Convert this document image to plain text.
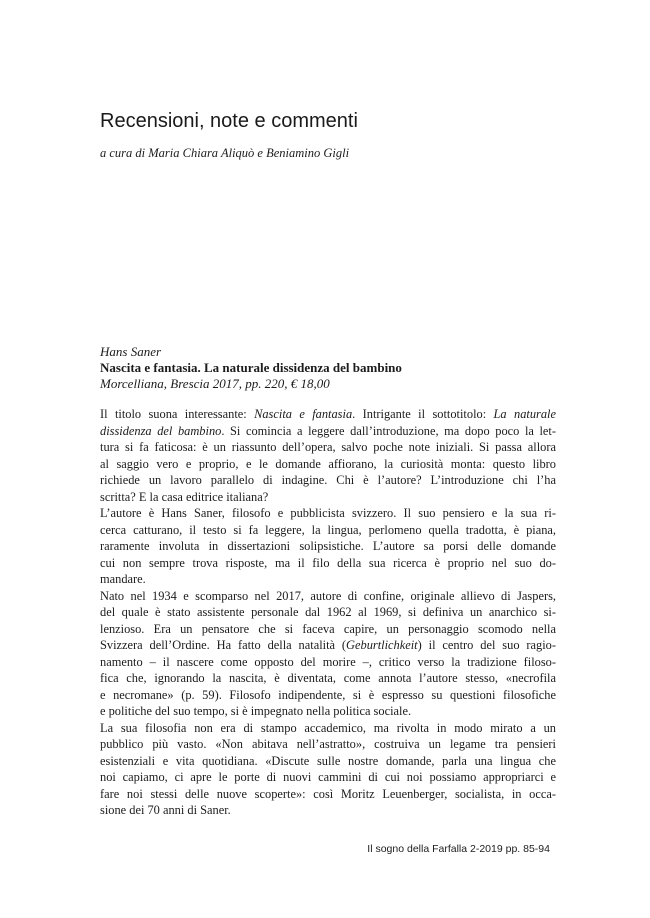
Recensioni, note e commenti
a cura di Maria Chiara Aliquò e Beniamino Gigli
Hans Saner
Nascita e fantasia. La naturale dissidenza del bambino
Morcelliana, Brescia 2017, pp. 220, € 18,00
Il titolo suona interessante: Nascita e fantasia. Intrigante il sottotitolo: La naturale
dissidenza del bambino. Si comincia a leggere dall’introduzione, ma dopo poco la let-
tura si fa faticosa: è un riassunto dell’opera, salvo poche note iniziali. Si passa allora
al saggio vero e proprio, e le domande affiorano, la curiosità monta: questo libro
richiede un lavoro parallelo di indagine. Chi è l’autore? L’introduzione chi l’ha
scritta? E la casa editrice italiana?
L’autore è Hans Saner, filosofo e pubblicista svizzero. Il suo pensiero e la sua ri-
cerca catturano, il testo si fa leggere, la lingua, perlomeno quella tradotta, è piana,
raramente involuta in dissertazioni solipsistiche. L’autore sa porsi delle domande
cui non sempre trova risposte, ma il filo della sua ricerca è proprio nel suo do-
mandare.
Nato nel 1934 e scomparso nel 2017, autore di confine, originale allievo di Jaspers,
del quale è stato assistente personale dal 1962 al 1969, si definiva un anarchico si-
lenzioso. Era un pensatore che si faceva capire, un personaggio scomodo nella
Svizzera dell’Ordine. Ha fatto della natalità (Geburtlichkeit) il centro del suo ragio-
namento – il nascere come opposto del morire –, critico verso la tradizione filoso-
fica che, ignorando la nascita, è diventata, come annota l’autore stesso, «necrofila
e necromane» (p. 59). Filosofo indipendente, si è espresso su questioni filosofiche
e politiche del suo tempo, si è impegnato nella politica sociale.
La sua filosofia non era di stampo accademico, ma rivolta in modo mirato a un
pubblico più vasto. «Non abitava nell’astratto», costruiva un legame tra pensieri
esistenziali e vita quotidiana. «Discute sulle nostre domande, parla una lingua che
noi capiamo, ci apre le porte di nuovi cammini di cui noi possiamo appropriarci e
fare noi stessi delle nuove scoperte»: così Moritz Leuenberger, socialista, in occa-
sione dei 70 anni di Saner.
Il sogno della Farfalla 2-2019 pp. 85-94
